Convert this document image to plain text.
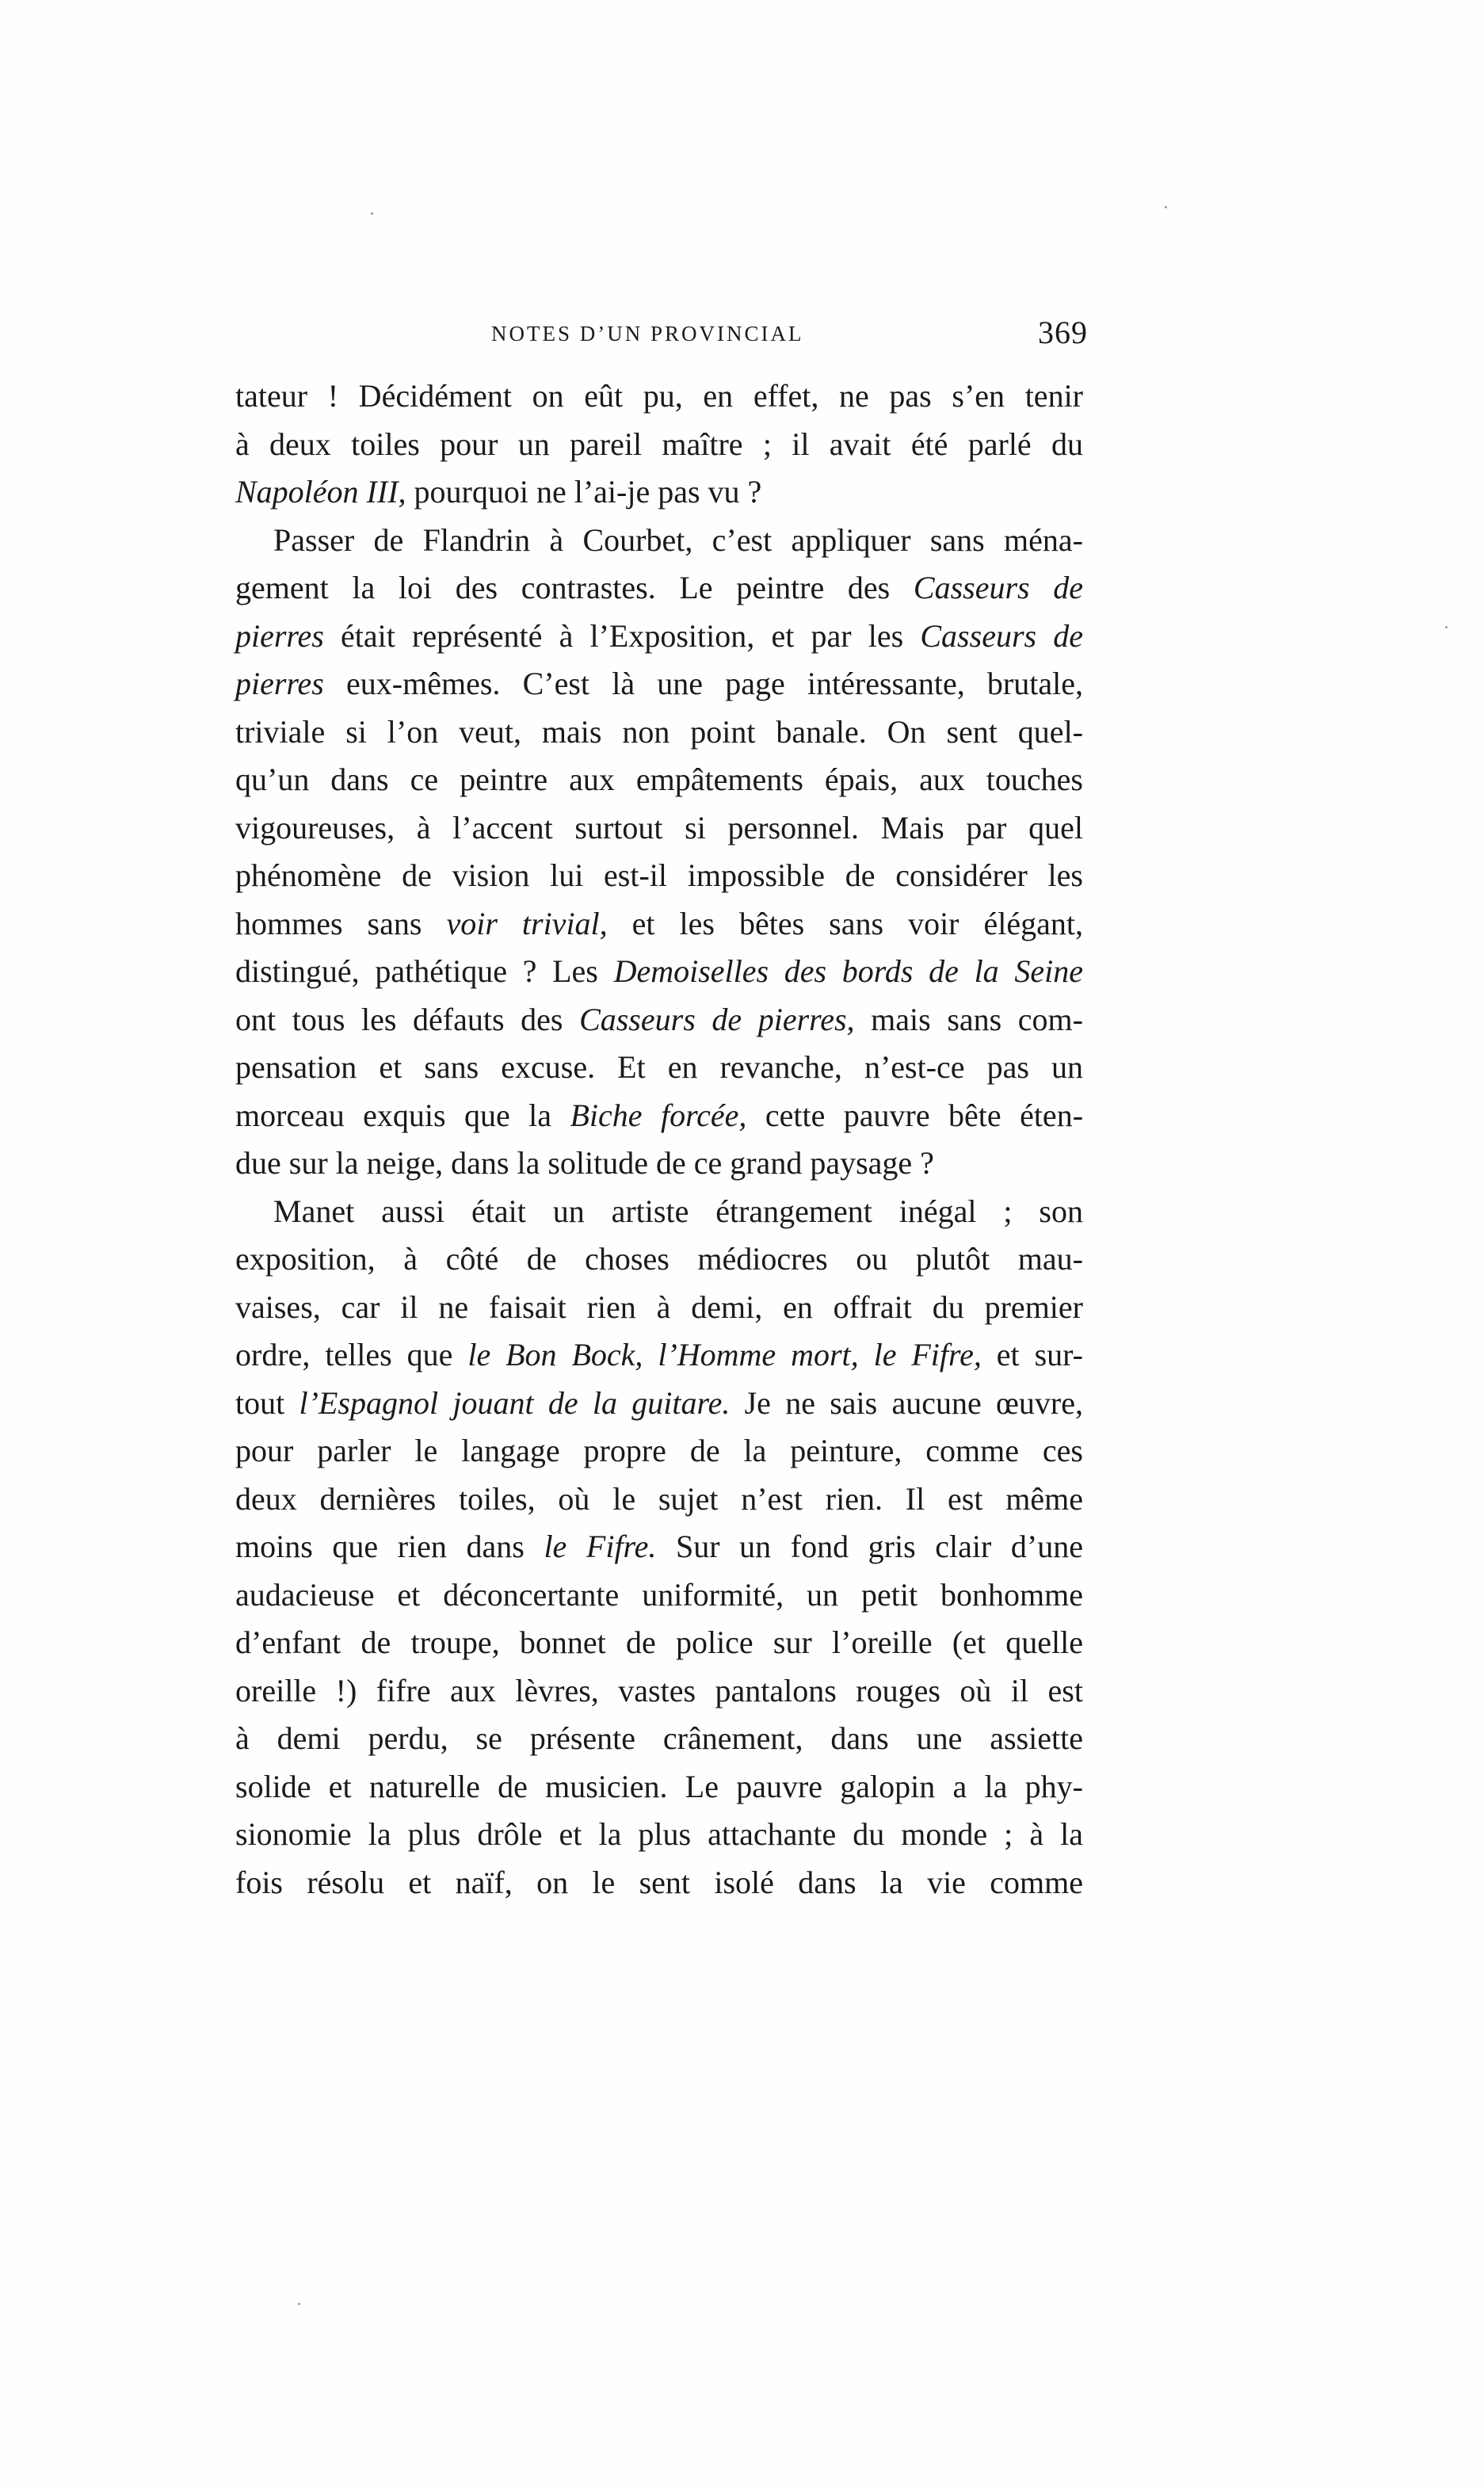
NOTES D’UN PROVINCIAL	369
tateur ! Décidément on eût pu, en effet, ne pas s’en tenir
à deux toiles pour un pareil maître ; il avait été parlé du
Napoléon III, pourquoi ne l’ai-je pas vu ?
Passer de Flandrin à Courbet, c’est appliquer sans ména-
gement la loi des contrastes. Le peintre des Casseurs de
pierres était représenté à l’Exposition, et par les Casseurs de
pierres eux-mêmes. C’est là une page intéressante, brutale,
triviale si l’on veut, mais non point banale. On sent quel-
qu’un dans ce peintre aux empâtements épais, aux touches
vigoureuses, à l’accent surtout si personnel. Mais par quel
phénomène de vision lui est-il impossible de considérer les
hommes sans voir trivial, et les bêtes sans voir élégant,
distingué, pathétique ? Les Demoiselles des bords de la Seine
ont tous les défauts des Casseurs de pierres, mais sans com-
pensation et sans excuse. Et en revanche, n’est-ce pas un
morceau exquis que la Biche forcée, cette pauvre bête éten-
due sur la neige, dans la solitude de ce grand paysage ?
Manet aussi était un artiste étrangement inégal ; son
exposition, à côté de choses médiocres ou plutôt mau-
vaises, car il ne faisait rien à demi, en offrait du premier
ordre, telles que le Bon Bock, l’Homme mort, le Fifre, et sur-
tout l’Espagnol jouant de la guitare. Je ne sais aucune œuvre,
pour parler le langage propre de la peinture, comme ces
deux dernières toiles, où le sujet n’est rien. Il est même
moins que rien dans le Fifre. Sur un fond gris clair d’une
audacieuse et déconcertante uniformité, un petit bonhomme
d’enfant de troupe, bonnet de police sur l’oreille (et quelle
oreille !) fifre aux lèvres, vastes pantalons rouges où il est
à demi perdu, se présente crânement, dans une assiette
solide et naturelle de musicien. Le pauvre galopin a la phy-
sionomie la plus drôle et la plus attachante du monde ; à la
fois résolu et naïf, on le sent isolé dans la vie comme
